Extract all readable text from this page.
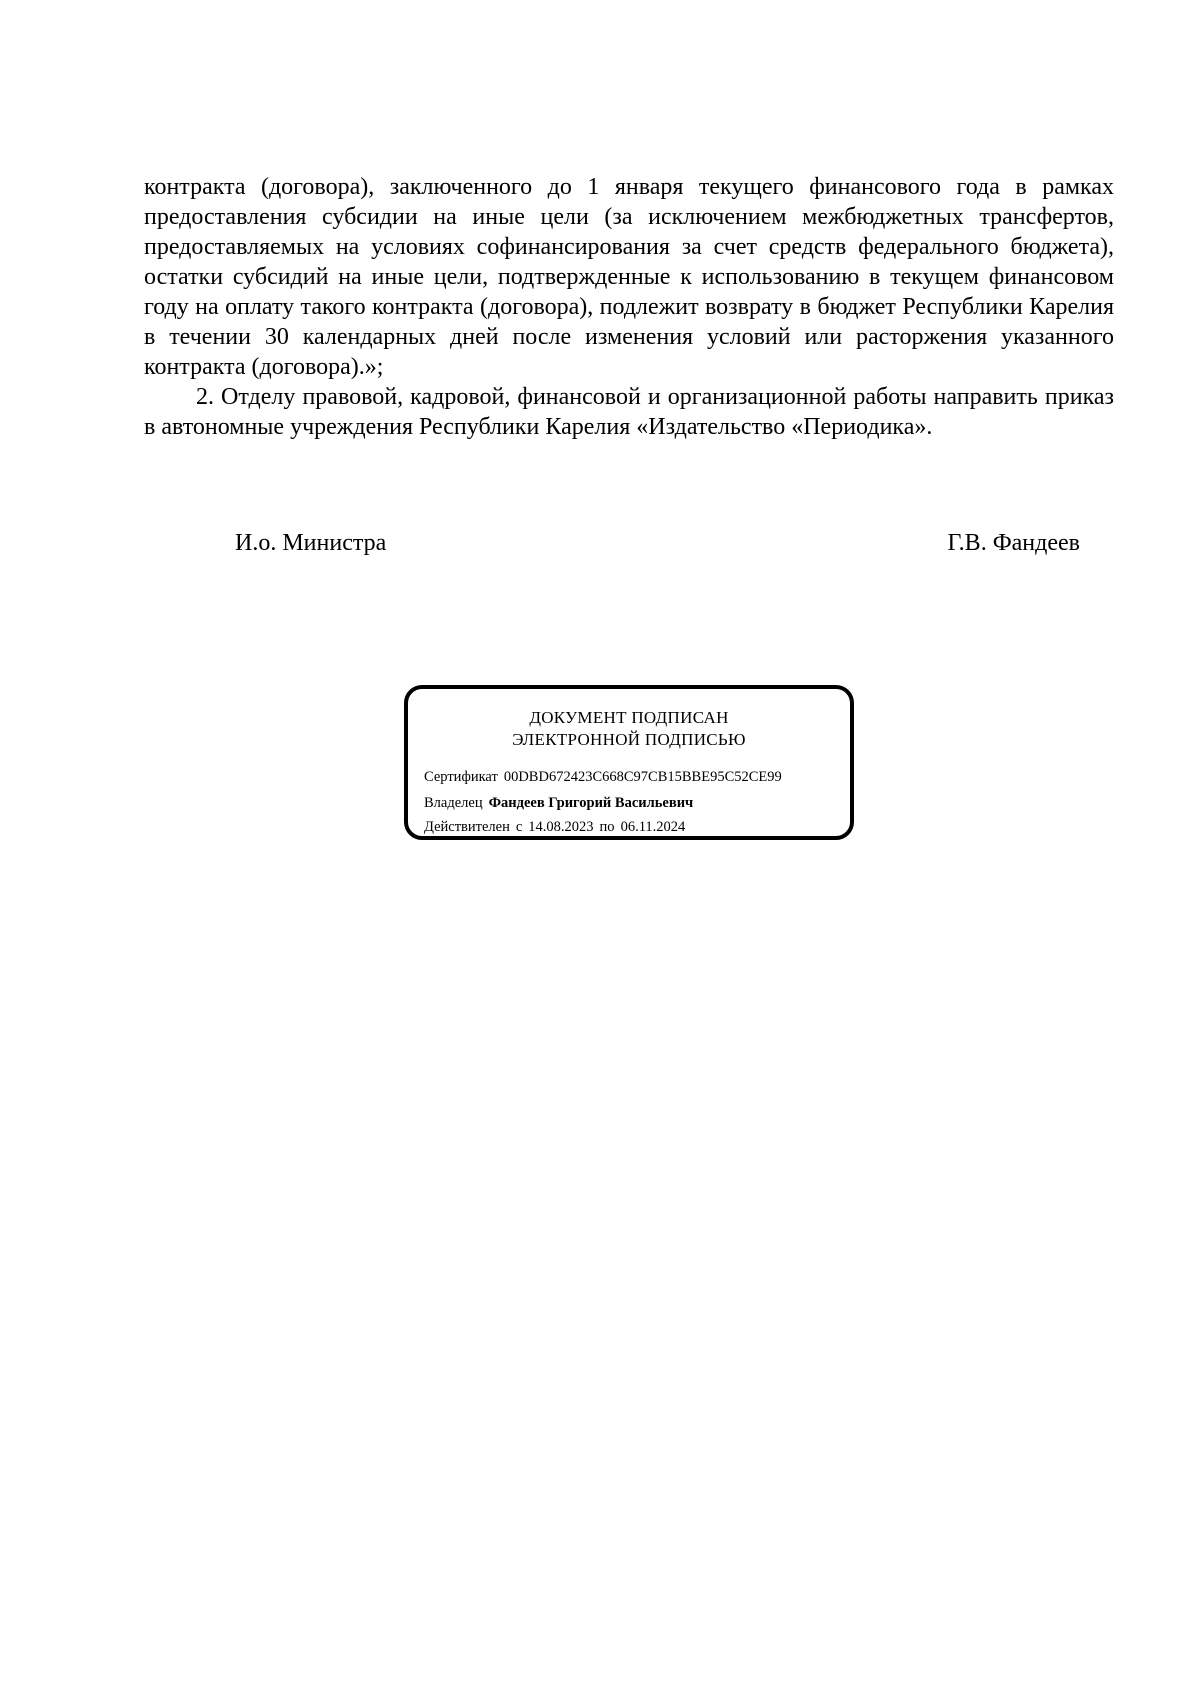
контракта (договора), заключенного до 1 января текущего финансового года в рамках предоставления субсидии на иные цели (за исключением межбюджетных трансфертов, предоставляемых на условиях софинансирования за счет средств федерального бюджета), остатки субсидий на иные цели, подтвержденные к использованию в текущем финансовом году на оплату такого контракта (договора), подлежит возврату в бюджет Республики Карелия в течении 30 календарных дней после изменения условий или расторжения указанного контракта (договора).»;

2. Отделу правовой, кадровой, финансовой и организационной работы направить приказ в автономные учреждения Республики Карелия «Издательство «Периодика».

И.о. Министра	Г.В. Фандеев
ДОКУМЕНТ ПОДПИСАН
ЭЛЕКТРОННОЙ ПОДПИСЬЮ
Сертификат 00DBD672423C668C97CB15BBE95C52CE99
Владелец Фандеев Григорий Васильевич
Действителен с 14.08.2023 по 06.11.2024
